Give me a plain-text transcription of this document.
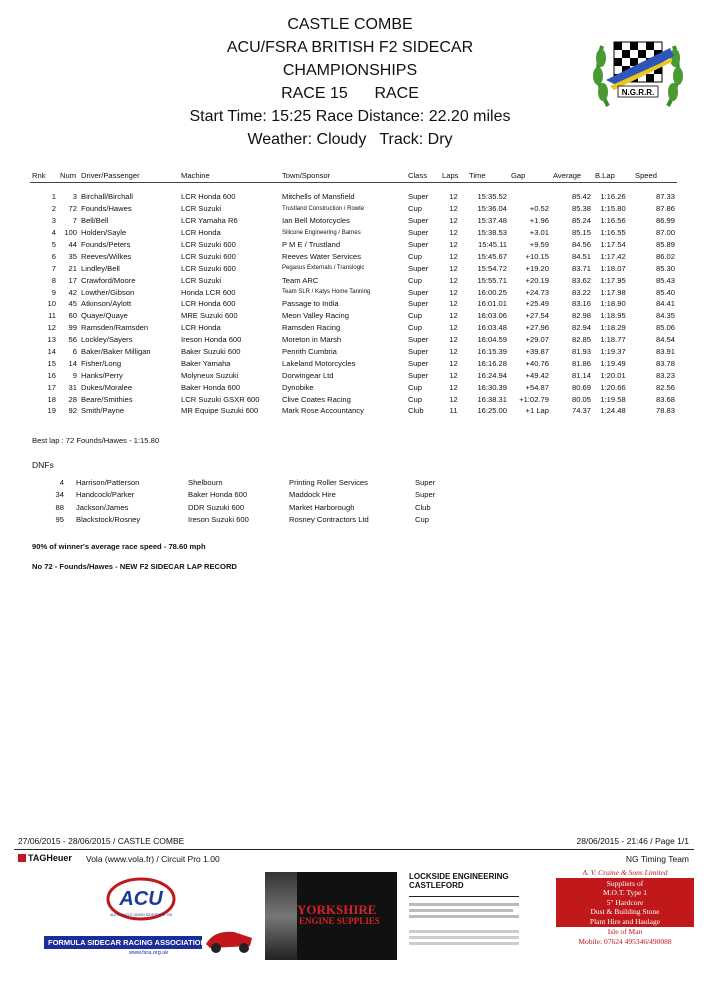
CASTLE COMBE
ACU/FSRA BRITISH F2 SIDECAR
CHAMPIONSHIPS
RACE 15      RACE
Start Time: 15:25 Race Distance: 22.20 miles
Weather: Cloudy   Track: Dry
N.G.R.R.
Rnk	Num	Driver/Passenger	Machine	Town/Sponsor	Class	Laps	Time	Gap	Average	B.Lap	Speed

1	3	Birchall/Birchall	LCR Honda 600	Mitchells of Mansfield	Super	12	15:35.52		85.42	1:16.26	87.33
2	72	Founds/Hawes	LCR Suzuki	Trustland Construction / Rowte	Cup	12	15:36.04	+0.52	85.38	1:15.80	87.86
3	7	Bell/Bell	LCR Yamaha R6	Ian Bell Motorcycles	Super	12	15:37.48	+1.96	85.24	1:16.56	86.99
4	100	Holden/Sayle	LCR Honda	Silicone Engineering / Barnes	Super	12	15:38.53	+3.01	85.15	1:16.55	87.00
5	44	Founds/Peters	LCR Suzuki 600	P M E / Trustland	Super	12	15:45.11	+9.59	84.56	1:17.54	85.89
6	35	Reeves/Wilkes	LCR Suzuki 600	Reeves Water Services	Cup	12	15:45.67	+10.15	84.51	1:17.42	86.02
7	21	Lindley/Bell	LCR Suzuki 600	Pegasus Externals / Translogic	Super	12	15:54.72	+19.20	83.71	1:18.07	85.30
8	17	Crawford/Moore	LCR Suzuki	Team ARC	Cup	12	15:55.71	+20.19	83.62	1:17.95	85.43
9	42	Lowther/Gibson	Honda LCR 600	Team SLR / Katys Home Tanning	Super	12	16:00.25	+24.73	83.22	1:17.98	85.40
10	45	Atkinson/Aylott	LCR Honda 600	Passage to India	Super	12	16:01.01	+25.49	83.16	1:18.90	84.41
11	60	Quaye/Quaye	MRE Suzuki 600	Meon Valley Racing	Cup	12	16:03.06	+27.54	82.98	1:18.95	84.35
12	99	Ramsden/Ramsden	LCR Honda	Ramsden Racing	Cup	12	16:03.48	+27.96	82.94	1:18.29	85.06
13	56	Lockley/Sayers	Ireson Honda 600	Moreton in Marsh	Super	12	16:04.59	+29.07	82.85	1:18.77	84.54
14	6	Baker/Baker Milligan	Baker Suzuki 600	Penrith Cumbria	Super	12	16:15.39	+39.87	81.93	1:19.37	83.91
15	14	Fisher/Long	Baker Yamaha	Lakeland Motorcycles	Super	12	16:16.28	+40.76	81.86	1:19.49	83.78
16	9	Hanks/Perry	Molyneux Suzuki	Dorwingear Ltd	Super	12	16:24.94	+49.42	81.14	1:20.01	83.23
17	31	Dukes/Moralee	Baker Honda 600	Dynobike	Cup	12	16:30.39	+54.87	80.69	1:20.66	82.56
18	28	Beare/Smithies	LCR Suzuki GSXR 600	Clive Coates Racing	Cup	12	16:38.31	+1:02.79	80.05	1:19.58	83.68
19	92	Smith/Payne	MR Equipe Suzuki 600	Mark Rose Accountancy	Club	11	16:25.00	+1 Lap	74.37	1:24.48	78.83
Best lap : 72 Founds/Hawes - 1:15.80
DNFs
4	Harrison/Patterson	Shelbourn	Printing Roller Services	Super
34	Handcock/Parker	Baker Honda 600	Maddock Hire	Super
88	Jackson/James	DDR Suzuki 600	Market Harborough	Club
95	Blackstock/Rosney	Ireson Suzuki 600	Rosney Contractors Ltd	Cup
90% of winner's average race speed - 78.60 mph
No 72 - Founds/Hawes - NEW F2 SIDECAR LAP RECORD
27/06/2015 - 28/06/2015 / CASTLE COMBE	28/06/2015 - 21:46 / Page 1/1
TAGHeuer Vola (www.vola.fr) / Circuit Pro 1.00	NG Timing Team
ACU
AUTO-CYCLE UNION SIDESPORT GB
FORMULA SIDECAR RACING ASSOCIATION
www.fsra.org.uk
YORKSHIRE
ENGINE SUPPLIES
LOCKSIDE ENGINEERING
CASTLEFORD
A. V. Craine & Sons Limited
Suppliers of
M.O.T. Type 1
5" Hardcore
Dust & Building Stone
Plant Hire and Haulage
Isle of Man
Mobile: 07624 495346/490088
